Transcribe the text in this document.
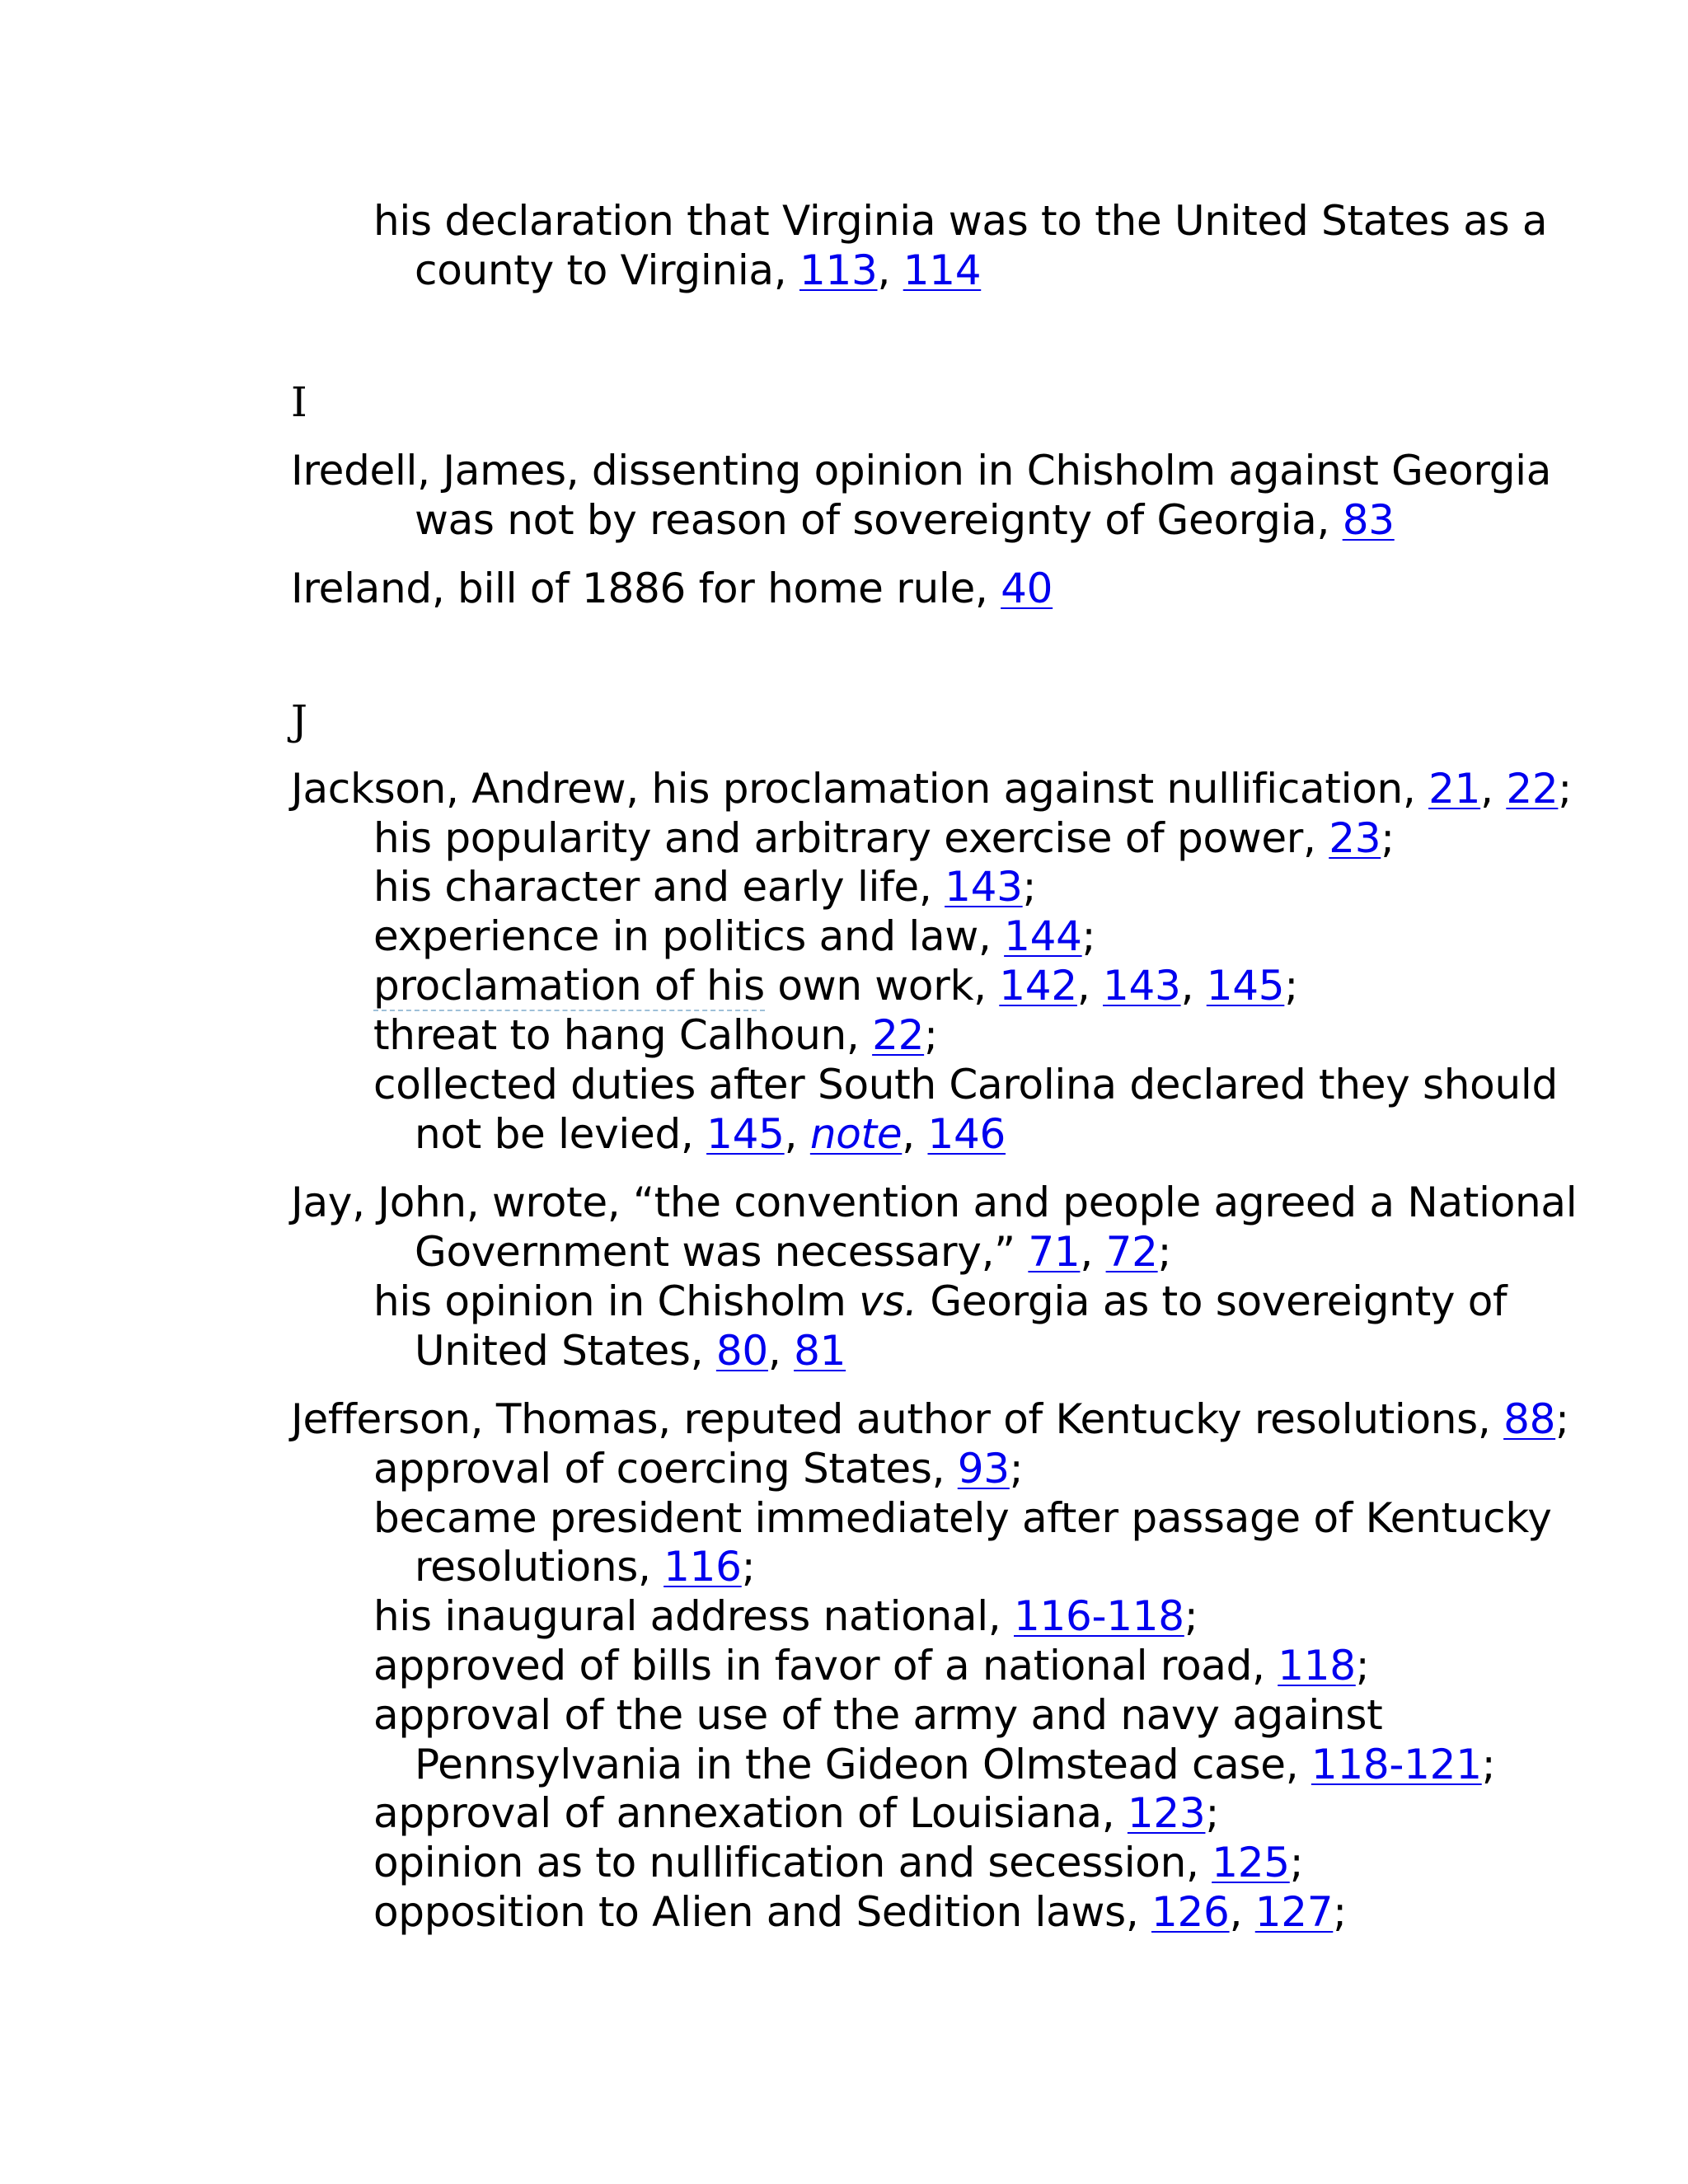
his declaration that Virginia was to the United States as a
county to Virginia, 113, 114
I
Iredell, James, dissenting opinion in Chisholm against Georgia
was not by reason of sovereignty of Georgia, 83
Ireland, bill of 1886 for home rule, 40
J
Jackson, Andrew, his proclamation against nullification, 21, 22;
his popularity and arbitrary exercise of power, 23;
his character and early life, 143;
experience in politics and law, 144;
proclamation of his own work, 142, 143, 145;
threat to hang Calhoun, 22;
collected duties after South Carolina declared they should
not be levied, 145, note, 146
Jay, John, wrote, “the convention and people agreed a National
Government was necessary,” 71, 72;
his opinion in Chisholm vs. Georgia as to sovereignty of
United States, 80, 81
Jefferson, Thomas, reputed author of Kentucky resolutions, 88;
approval of coercing States, 93;
became president immediately after passage of Kentucky
resolutions, 116;
his inaugural address national, 116-118;
approved of bills in favor of a national road, 118;
approval of the use of the army and navy against
Pennsylvania in the Gideon Olmstead case, 118-121;
approval of annexation of Louisiana, 123;
opinion as to nullification and secession, 125;
opposition to Alien and Sedition laws, 126, 127;
